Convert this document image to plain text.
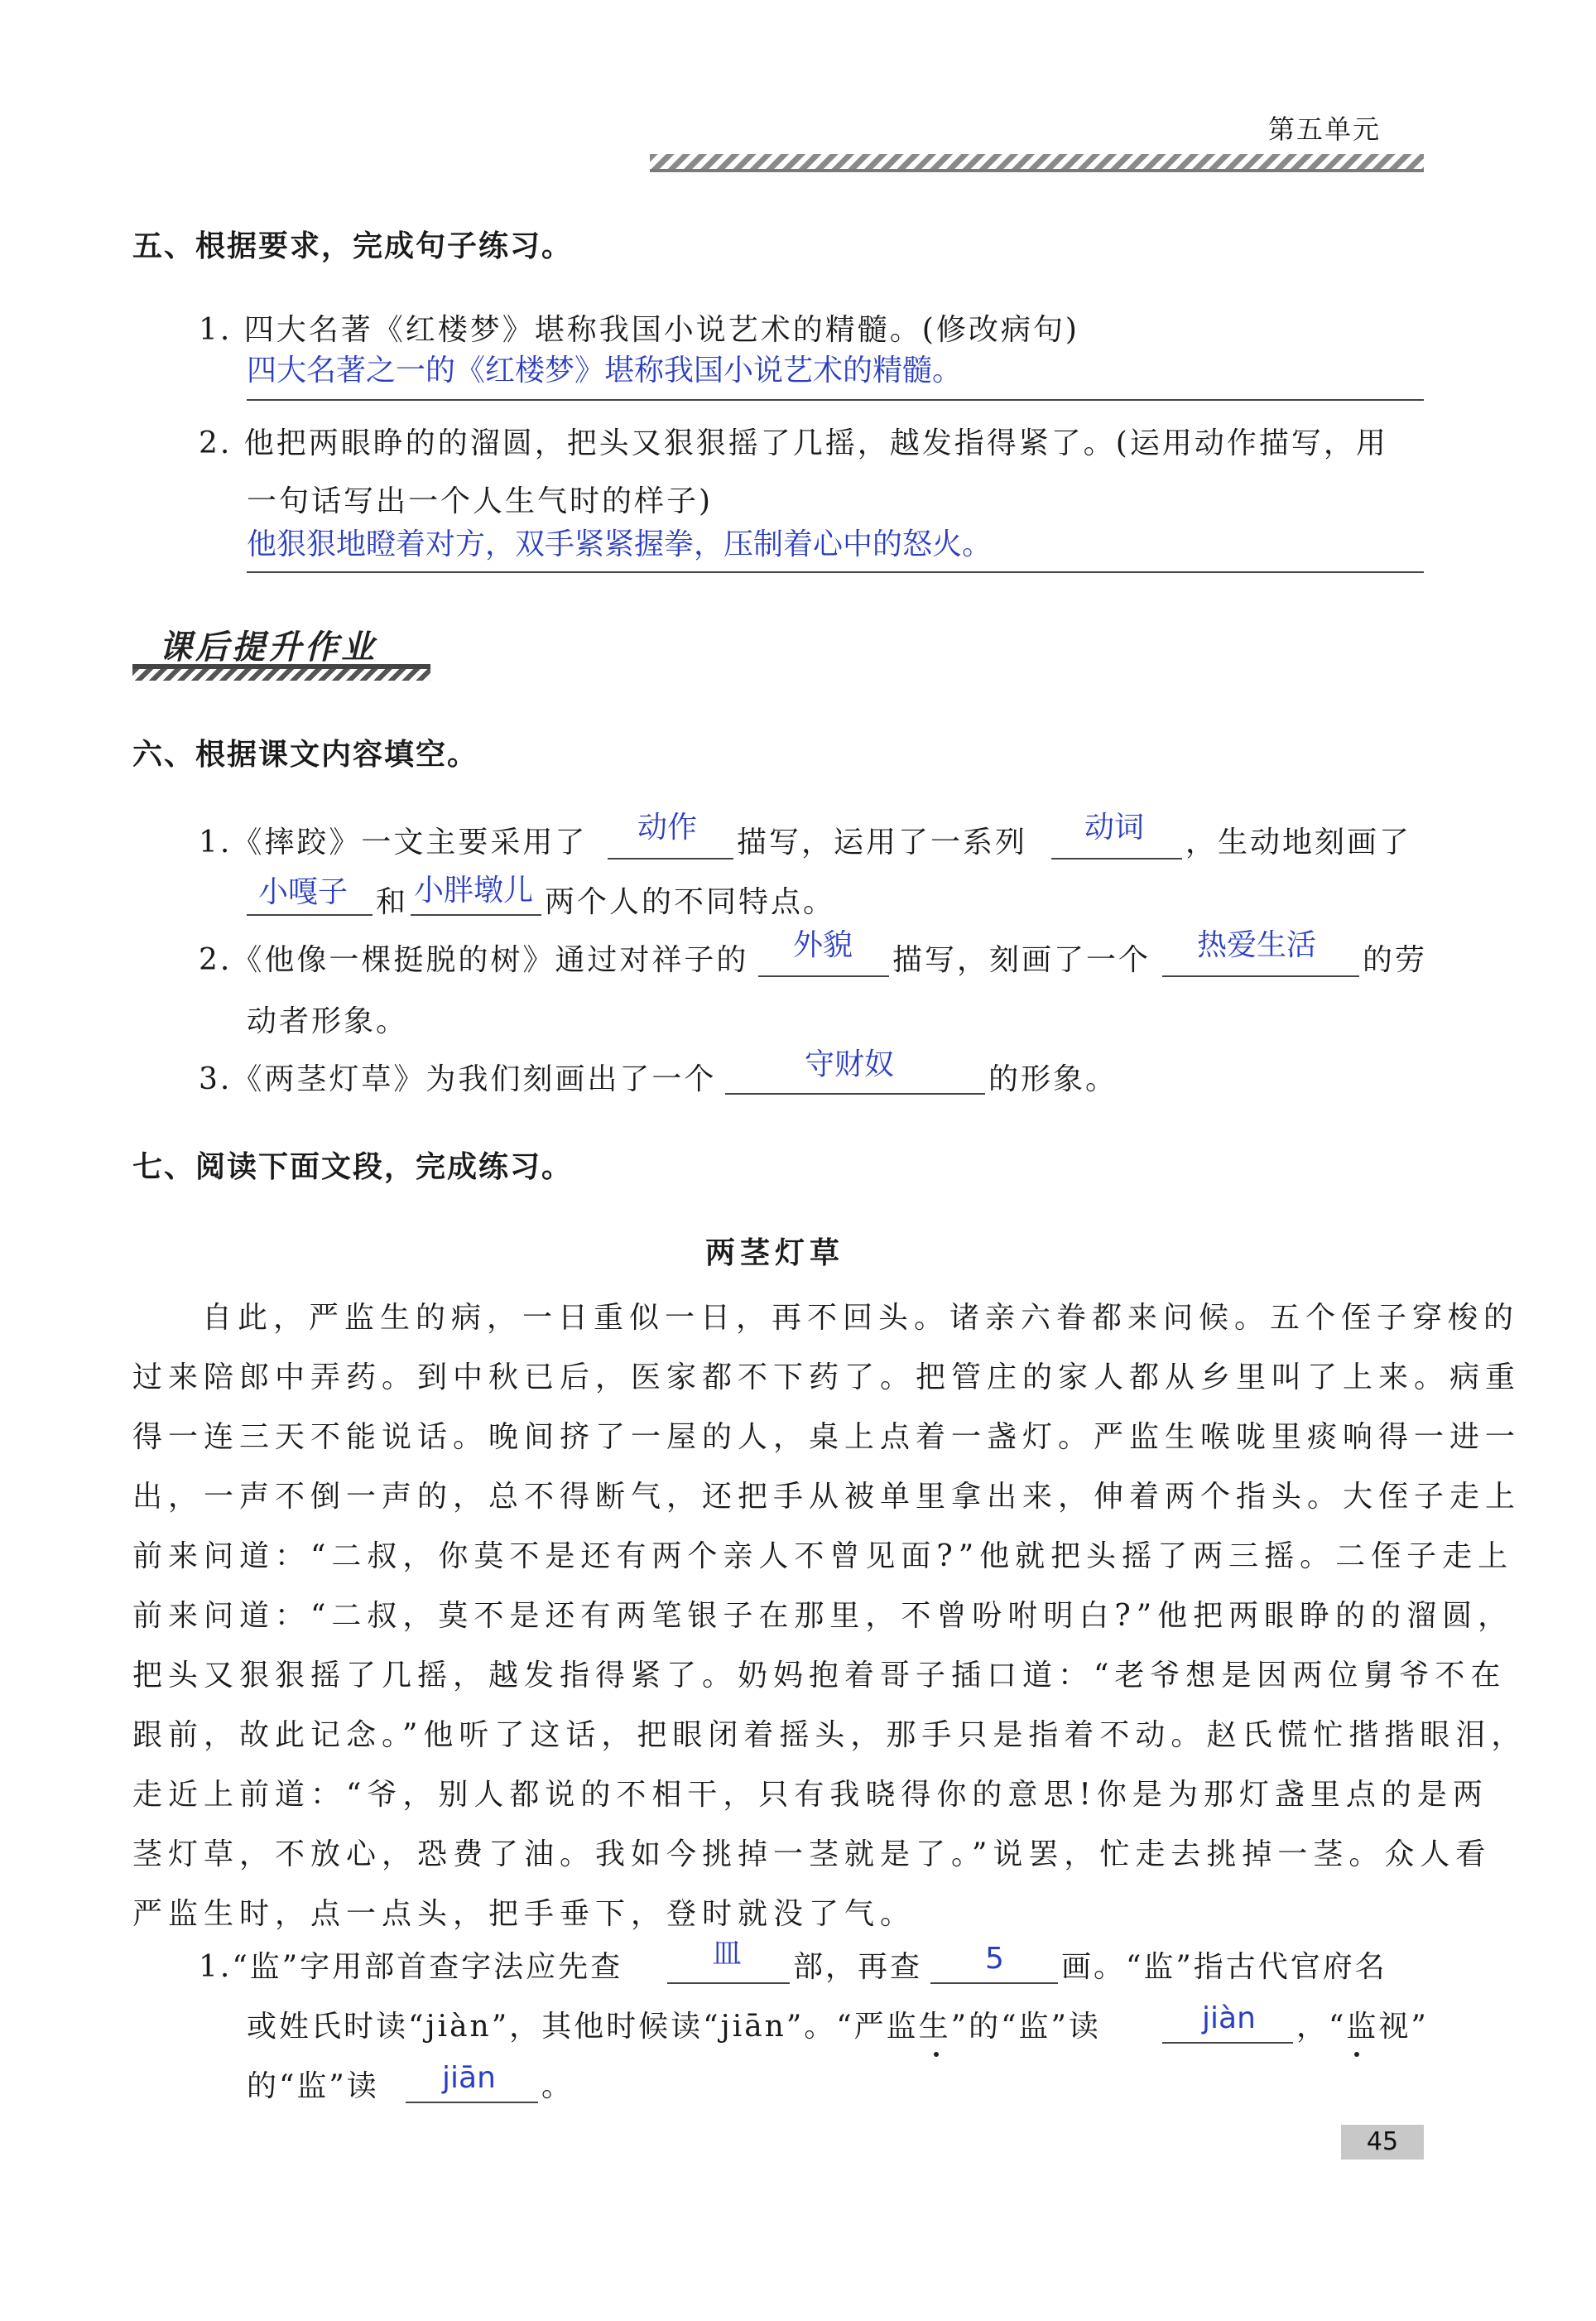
第五单元
五、根据要求，完成句子练习。
1. 四大名著《红楼梦》堪称我国小说艺术的精髓。(修改病句)
四大名著之一的《红楼梦》堪称我国小说艺术的精髓。
2. 他把两眼睁的的溜圆，把头又狠狠摇了几摇，越发指得紧了。(运用动作描写，用
一句话写出一个人生气时的样子)
他狠狠地瞪着对方，双手紧紧握拳，压制着心中的怒火。
课后提升作业
六、根据课文内容填空。
1.《摔跤》一文主要采用了 动作 描写，运用了一系列 动词 ，生动地刻画了
小嘎子 和 小胖墩儿 两个人的不同特点。
2.《他像一棵挺脱的树》通过对祥子的 外貌 描写，刻画了一个 热爱生活 的劳
动者形象。
3.《两茎灯草》为我们刻画出了一个	守财奴	的形象。
七、阅读下面文段，完成练习。
两茎灯草
自此，严监生的病，一日重似一日，再不回头。诸亲六眷都来问候。五个侄子穿梭的
过来陪郎中弄药。到中秋已后，医家都不下药了。把管庄的家人都从乡里叫了上来。病重
得一连三天不能说话。晚间挤了一屋的人，桌上点着一盏灯。严监生喉咙里痰响得一进一
出，一声不倒一声的，总不得断气，还把手从被单里拿出来，伸着两个指头。大侄子走上
前来问道：“二叔，你莫不是还有两个亲人不曾见面?”他就把头摇了两三摇。二侄子走上
前来问道：“二叔，莫不是还有两笔银子在那里，不曾吩咐明白?”他把两眼睁的的溜圆，
把头又狠狠摇了几摇，越发指得紧了。奶妈抱着哥子插口道：“老爷想是因两位舅爷不在
跟前，故此记念。”他听了这话，把眼闭着摇头，那手只是指着不动。赵氏慌忙揩揩眼泪，
走近上前道：“爷，别人都说的不相干，只有我晓得你的意思!你是为那灯盏里点的是两
茎灯草，不放心，恐费了油。我如今挑掉一茎就是了。”说罢，忙走去挑掉一茎。众人看
严监生时，点一点头，把手垂下，登时就没了气。
1.“监”字用部首查字法应先查	皿 部，再查 5 画。“监”指古代官府名
或姓氏时读“jiàn”，其他时候读“jiān”。“严监生”的“监”读	jiàn ，“监视”
的“监”读 jiān 。
45
